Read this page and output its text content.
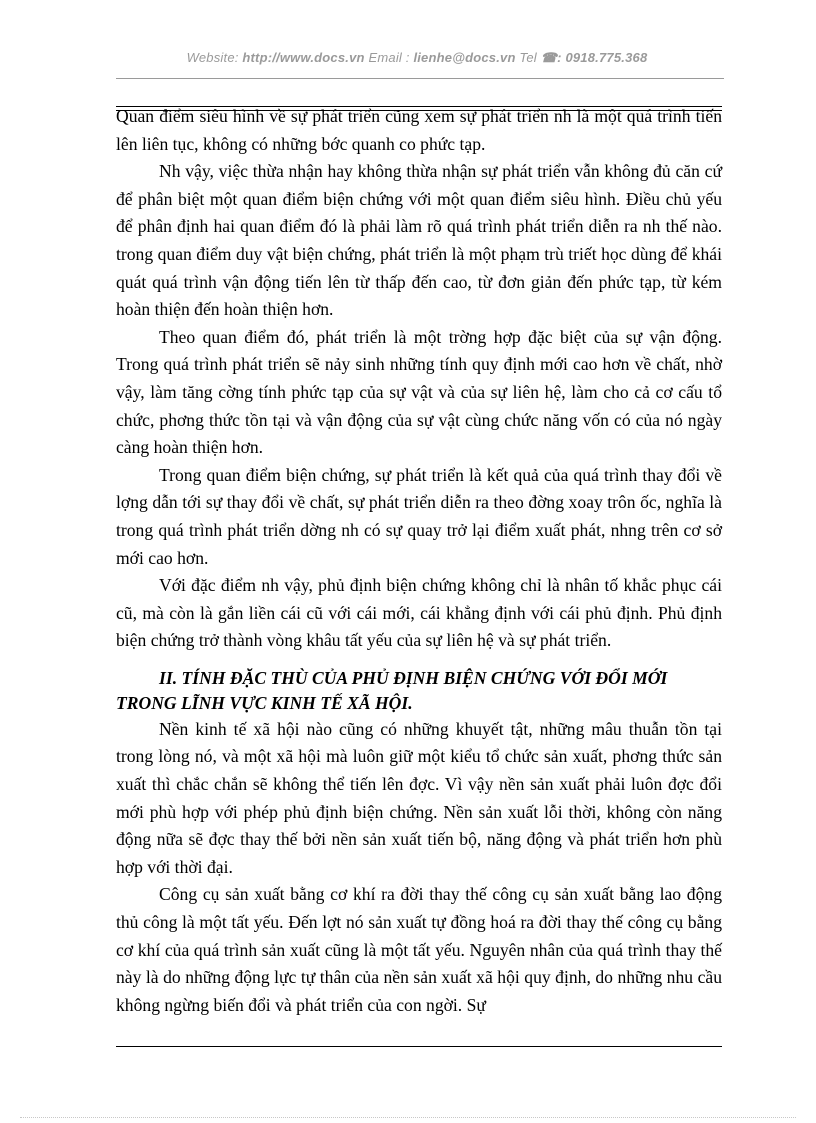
Website: http://www.docs.vn Email : lienhe@docs.vn Tel ☎: 0918.775.368

Quan điểm siêu hình về sự phát triển cũng xem sự phát triển nh là một quá trình tiến lên liên tục, không có những bớc quanh co phức tạp.

Nh vậy, việc thừa nhận hay không thừa nhận sự phát triển vẫn không đủ căn cứ để phân biệt một quan điểm biện chứng với một quan điểm siêu hình. Điều chủ yếu để phân định hai quan điểm đó là phải làm rõ quá trình phát triển diễn ra nh thế nào. trong quan điểm duy vật biện chứng, phát triển là một phạm trù triết học dùng để khái quát quá trình vận động tiến lên từ thấp đến cao, từ đơn giản đến phức tạp, từ kém hoàn thiện đến hoàn thiện hơn.

Theo quan điểm đó, phát triển là một trờng hợp đặc biệt của sự vận động. Trong quá trình phát triển sẽ nảy sinh những tính quy định mới cao hơn về chất, nhờ vậy, làm tăng cờng tính phức tạp của sự vật và của sự liên hệ, làm cho cả cơ cấu tổ chức, phơng thức tồn tại và vận động của sự vật cùng chức năng vốn có của nó ngày càng hoàn thiện hơn.

Trong quan điểm biện chứng, sự phát triển là kết quả của quá trình thay đổi về lợng dẫn tới sự thay đổi về chất, sự phát triển diễn ra theo đờng xoay trôn ốc, nghĩa là trong quá trình phát triển dờng nh có sự quay trở lại điểm xuất phát, nhng trên cơ sở mới cao hơn.

Với đặc điểm nh vậy, phủ định biện chứng không chỉ là nhân tố khắc phục cái cũ, mà còn là gắn liền cái cũ với cái mới, cái khẳng định với cái phủ định. Phủ định biện chứng trở thành vòng khâu tất yếu của sự liên hệ và sự phát triển.

II. TÍNH ĐẶC THÙ CỦA PHỦ ĐỊNH BIỆN CHỨNG VỚI ĐỔI MỚI TRONG LĨNH VỰC KINH TẾ XÃ HỘI.

Nền kinh tế xã hội nào cũng có những khuyết tật, những mâu thuẫn tồn tại trong lòng nó, và một xã hội mà luôn giữ một kiểu tổ chức sản xuất, phơng thức sản xuất thì chắc chắn sẽ không thể tiến lên đợc. Vì vậy nền sản xuất phải luôn đợc đổi mới phù hợp với phép phủ định biện chứng. Nền sản xuất lỗi thời, không còn năng động nữa sẽ đợc thay thế bởi nền sản xuất tiến bộ, năng động và phát triển hơn phù hợp với thời đại.

Công cụ sản xuất bằng cơ khí ra đời thay thế công cụ sản xuất bằng lao động thủ công là một tất yếu. Đến lợt nó sản xuất tự đồng hoá ra đời thay thế công cụ bằng cơ khí của quá trình sản xuất cũng là một tất yếu. Nguyên nhân của quá trình thay thế này là do những động lực tự thân của nền sản xuất xã hội quy định, do những nhu cầu không ngừng biến đổi và phát triển của con ngời. Sự
